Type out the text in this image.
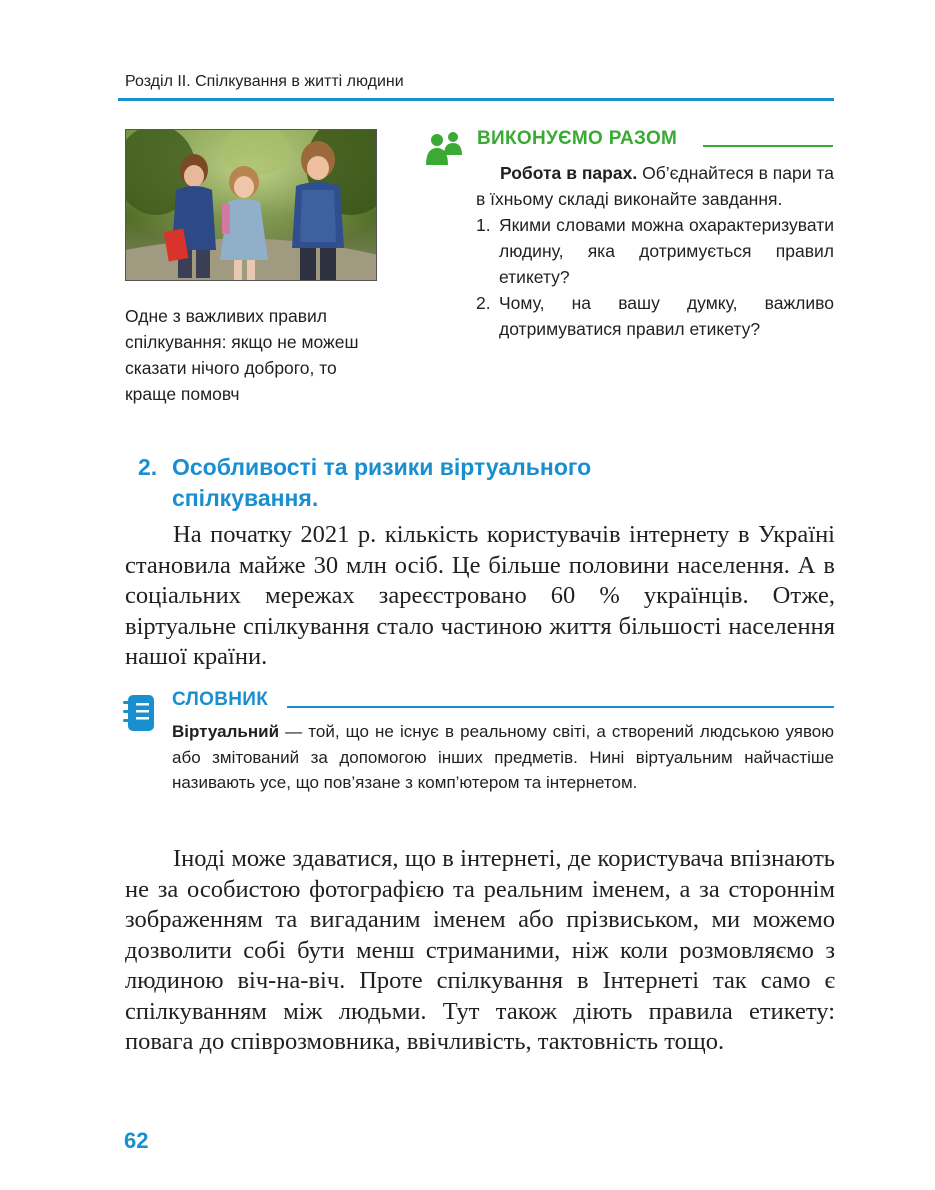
Розділ ІІ. Спілкування в житті людини
Одне з важливих правил спілкування: якщо не можеш сказати нічого доброго, то краще помовч
ВИКОНУЄМО РАЗОМ

Робота в парах. Об’єднайтеся в пари та в їхньому складі виконайте завдання.

1. Якими словами можна охарактеризувати людину, яка дотримується правил етикету?
2. Чому, на вашу думку, важливо дотримуватися правил етикету?
2. Особливості та ризики віртуального
спілкування.

На початку 2021 р. кількість користувачів інтернету в Україні становила майже 30 млн осіб. Це більше половини населення. А в соціальних мережах зареєстровано 60 % українців. Отже, віртуальне спілкування стало частиною життя більшості населення нашої країни.

СЛОВНИК

Віртуальний — той, що не існує в реальному світі, а створений людською уявою або змітований за допомогою інших предметів. Нині віртуальним найчастіше називають усе, що пов’язане з комп’ютером та інтернетом.

Іноді може здаватися, що в інтернеті, де користувача впізнають не за особистою фотографією та реальним іменем, а за стороннім зображенням та вигаданим іменем або прізвиськом, ми можемо дозволити собі бути менш стриманими, ніж коли розмовляємо з людиною віч-на-віч. Проте спілкування в Інтернеті так само є спілкуванням між людьми. Тут також діють правила етикету: повага до співрозмовника, ввічливість, тактовність тощо.

62
